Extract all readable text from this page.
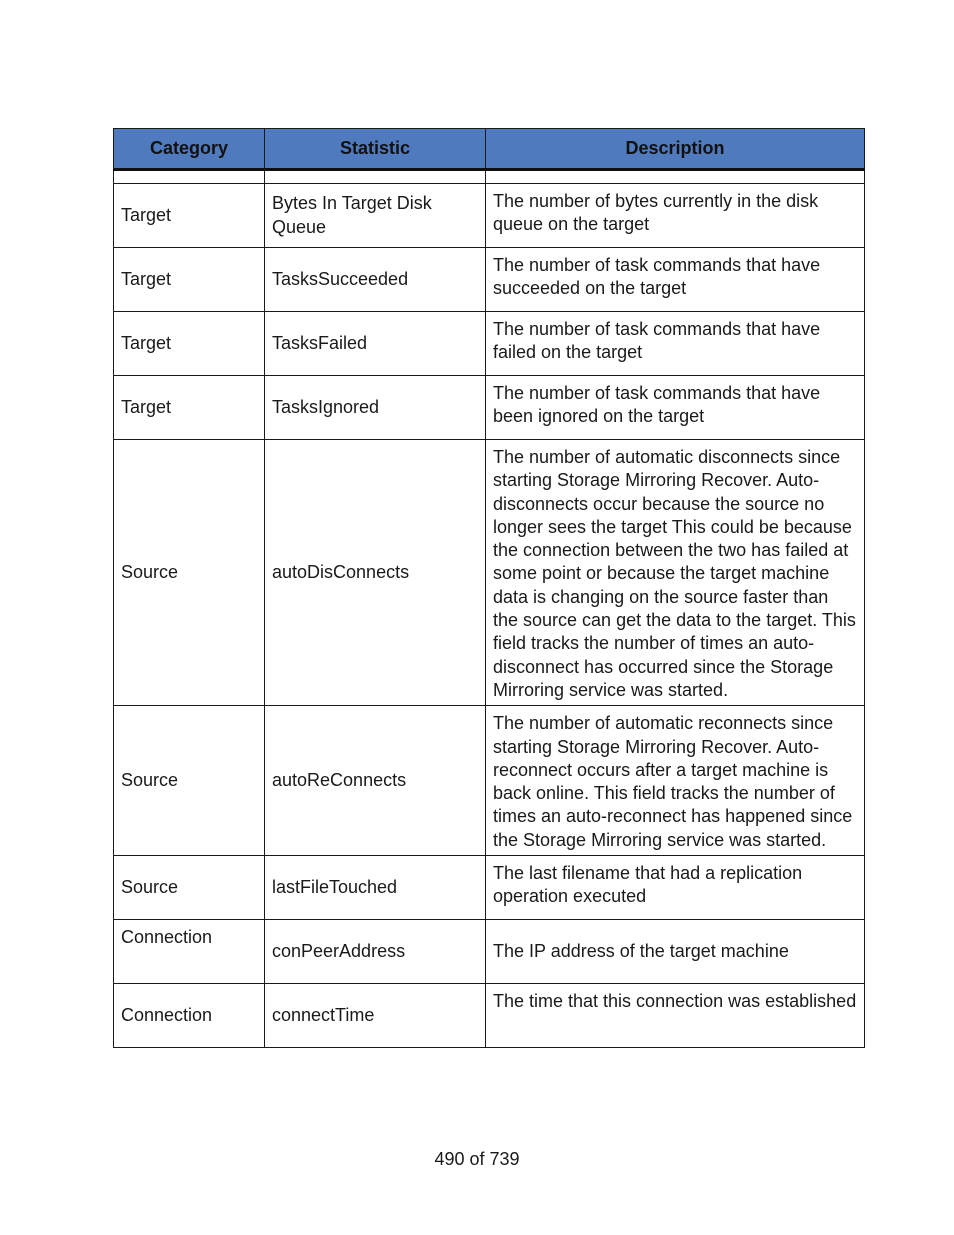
Category	Statistic	Description

Target	Bytes In Target Disk Queue	The number of bytes currently in the disk queue on the target
Target	TasksSucceeded	The number of task commands that have succeeded on the target
Target	TasksFailed	The number of task commands that have failed on the target
Target	TasksIgnored	The number of task commands that have been ignored on the target
Source	autoDisConnects	The number of automatic disconnects since starting Storage Mirroring Recover. Auto-disconnects occur because the source no longer sees the target This could be because the connection between the two has failed at some point or because the target machine data is changing on the source faster than the source can get the data to the target. This field tracks the number of times an auto-disconnect has occurred since the Storage Mirroring service was started.
Source	autoReConnects	The number of automatic reconnects since starting Storage Mirroring Recover. Auto-reconnect occurs after a target machine is back online. This field tracks the number of times an auto-reconnect has happened since the Storage Mirroring service was started.
Source	lastFileTouched	The last filename that had a replication operation executed
Connection	conPeerAddress	The IP address of the target machine
Connection	connectTime	The time that this connection was established
490 of 739
